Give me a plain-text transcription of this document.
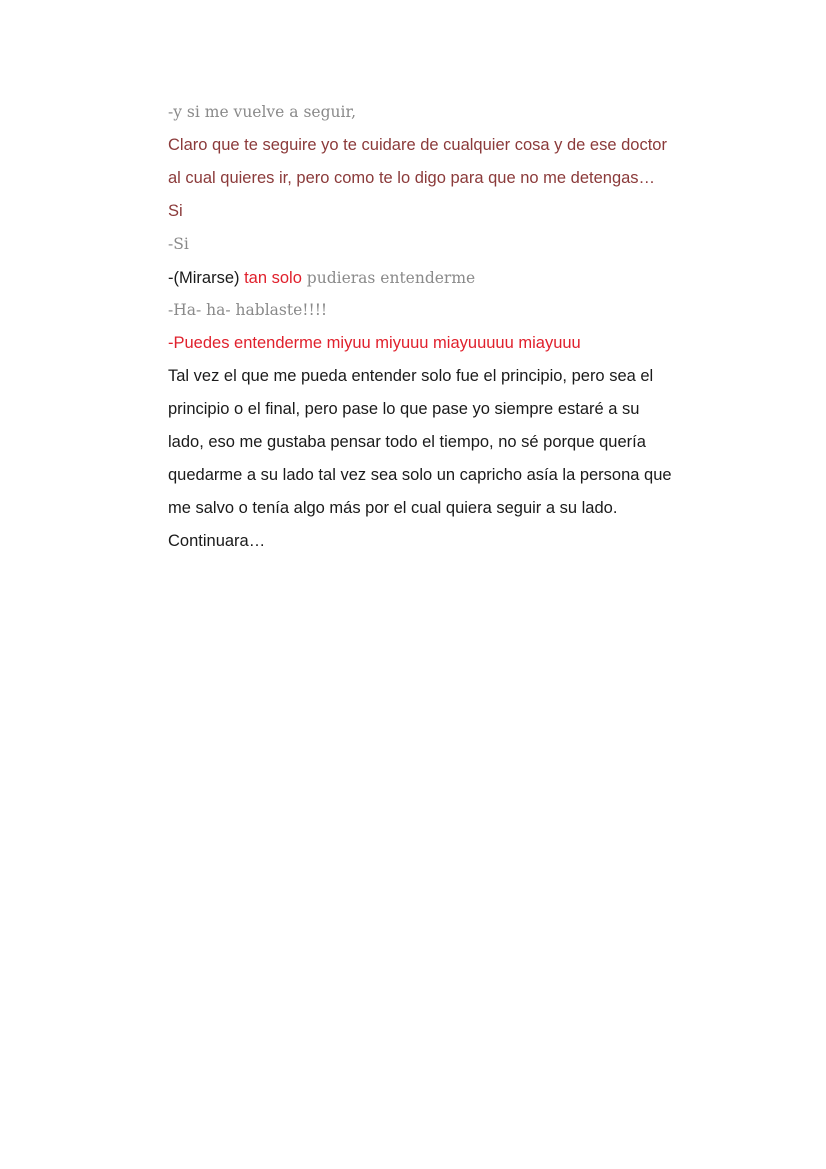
-y si me vuelve a seguir,
Claro que te seguire yo te cuidare de cualquier cosa y de ese doctor
al cual quieres ir, pero como te lo digo para que no me detengas…
Si
-Si
-(Mirarse) tan solo pudieras entenderme
-Ha- ha- hablaste!!!!
-Puedes entenderme miyuu miyuuu miayuuuuu miayuuu
Tal vez el que me pueda entender solo fue el principio, pero sea el
principio o el final, pero pase lo que pase yo siempre estaré a su
lado, eso me gustaba pensar todo el tiempo, no sé porque quería
quedarme a su lado tal vez sea solo un capricho asía la persona que
me salvo o tenía algo más por el cual quiera seguir a su lado.
Continuara…
